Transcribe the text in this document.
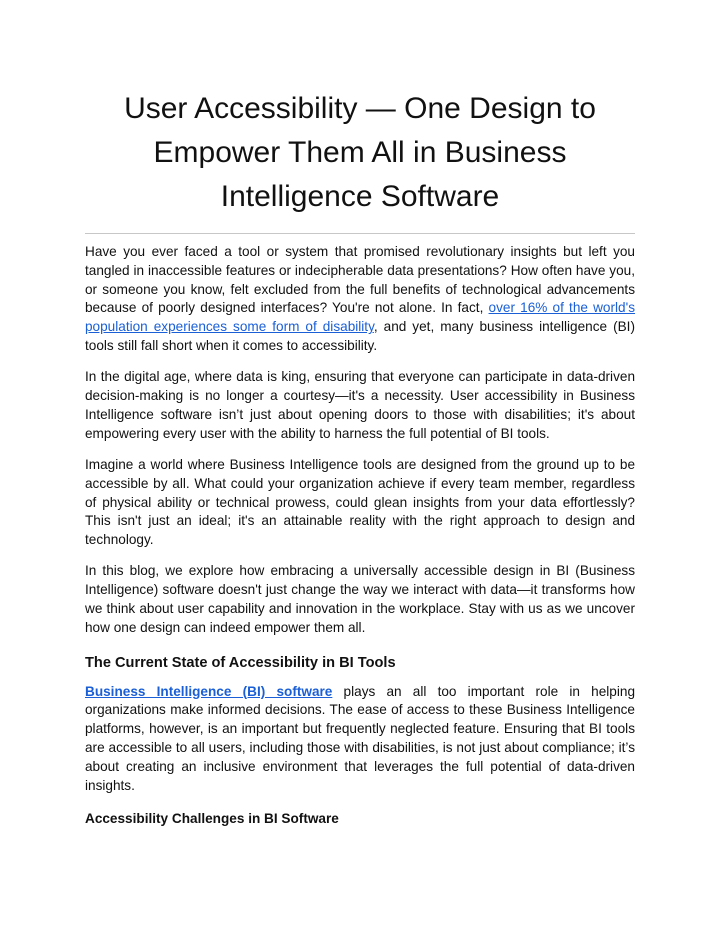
User Accessibility — One Design to Empower Them All in Business Intelligence Software

Have you ever faced a tool or system that promised revolutionary insights but left you tangled in inaccessible features or indecipherable data presentations? How often have you, or someone you know, felt excluded from the full benefits of technological advancements because of poorly designed interfaces? You're not alone. In fact, over 16% of the world's population experiences some form of disability, and yet, many business intelligence (BI) tools still fall short when it comes to accessibility.

In the digital age, where data is king, ensuring that everyone can participate in data-driven decision-making is no longer a courtesy—it's a necessity. User accessibility in Business Intelligence software isn’t just about opening doors to those with disabilities; it's about empowering every user with the ability to harness the full potential of BI tools.

Imagine a world where Business Intelligence tools are designed from the ground up to be accessible by all. What could your organization achieve if every team member, regardless of physical ability or technical prowess, could glean insights from your data effortlessly? This isn't just an ideal; it's an attainable reality with the right approach to design and technology.

In this blog, we explore how embracing a universally accessible design in BI (Business Intelligence) software doesn't just change the way we interact with data—it transforms how we think about user capability and innovation in the workplace. Stay with us as we uncover how one design can indeed empower them all.

The Current State of Accessibility in BI Tools

Business Intelligence (BI) software plays an all too important role in helping organizations make informed decisions. The ease of access to these Business Intelligence platforms, however, is an important but frequently neglected feature. Ensuring that BI tools are accessible to all users, including those with disabilities, is not just about compliance; it’s about creating an inclusive environment that leverages the full potential of data-driven insights.

Accessibility Challenges in BI Software
